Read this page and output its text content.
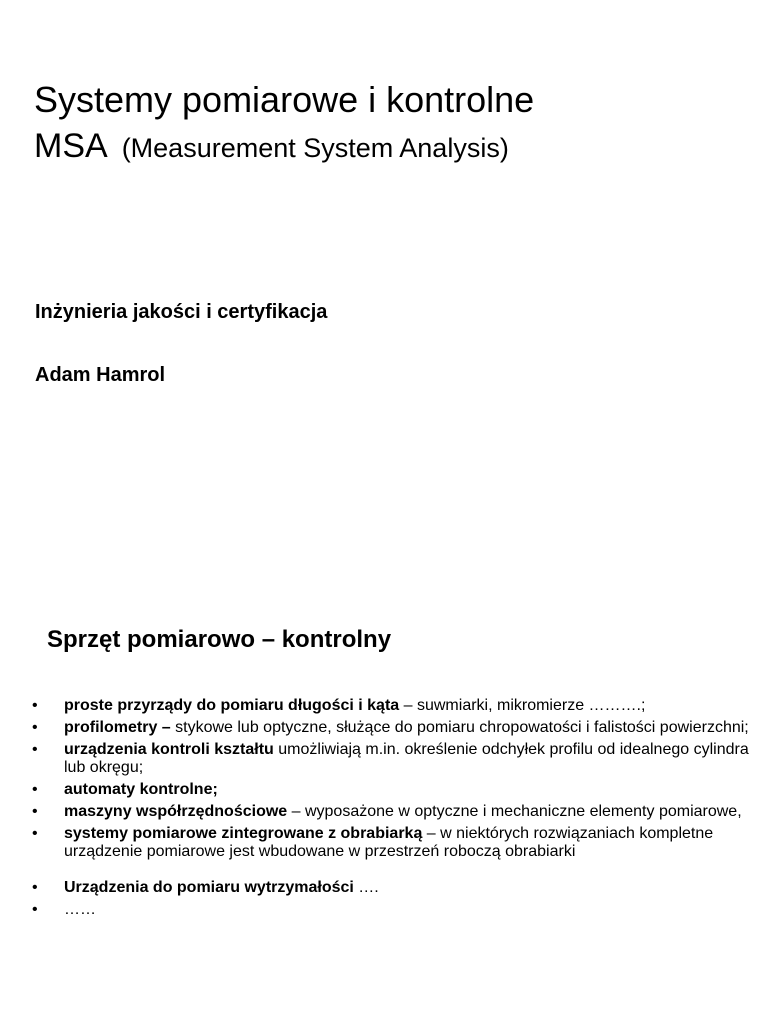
Systemy pomiarowe i kontrolne
MSA (Measurement System Analysis)
Inżynieria jakości i certyfikacja
Adam Hamrol
Sprzęt pomiarowo – kontrolny
•	proste przyrządy do pomiaru długości i kąta – suwmiarki, mikromierze ……….;
•	profilometry – stykowe lub optyczne, służące do pomiaru chropowatości i falistości powierzchni;
•	urządzenia kontroli kształtu umożliwiają m.in. określenie odchyłek profilu od idealnego cylindra lub okręgu;
•	automaty kontrolne;
•	maszyny współrzędnościowe – wyposażone w optyczne i mechaniczne elementy pomiarowe,
•	systemy pomiarowe zintegrowane z obrabiarką – w niektórych rozwiązaniach kompletne urządzenie pomiarowe jest wbudowane w przestrzeń roboczą obrabiarki
•	Urządzenia do pomiaru wytrzymałości ….
•	……
